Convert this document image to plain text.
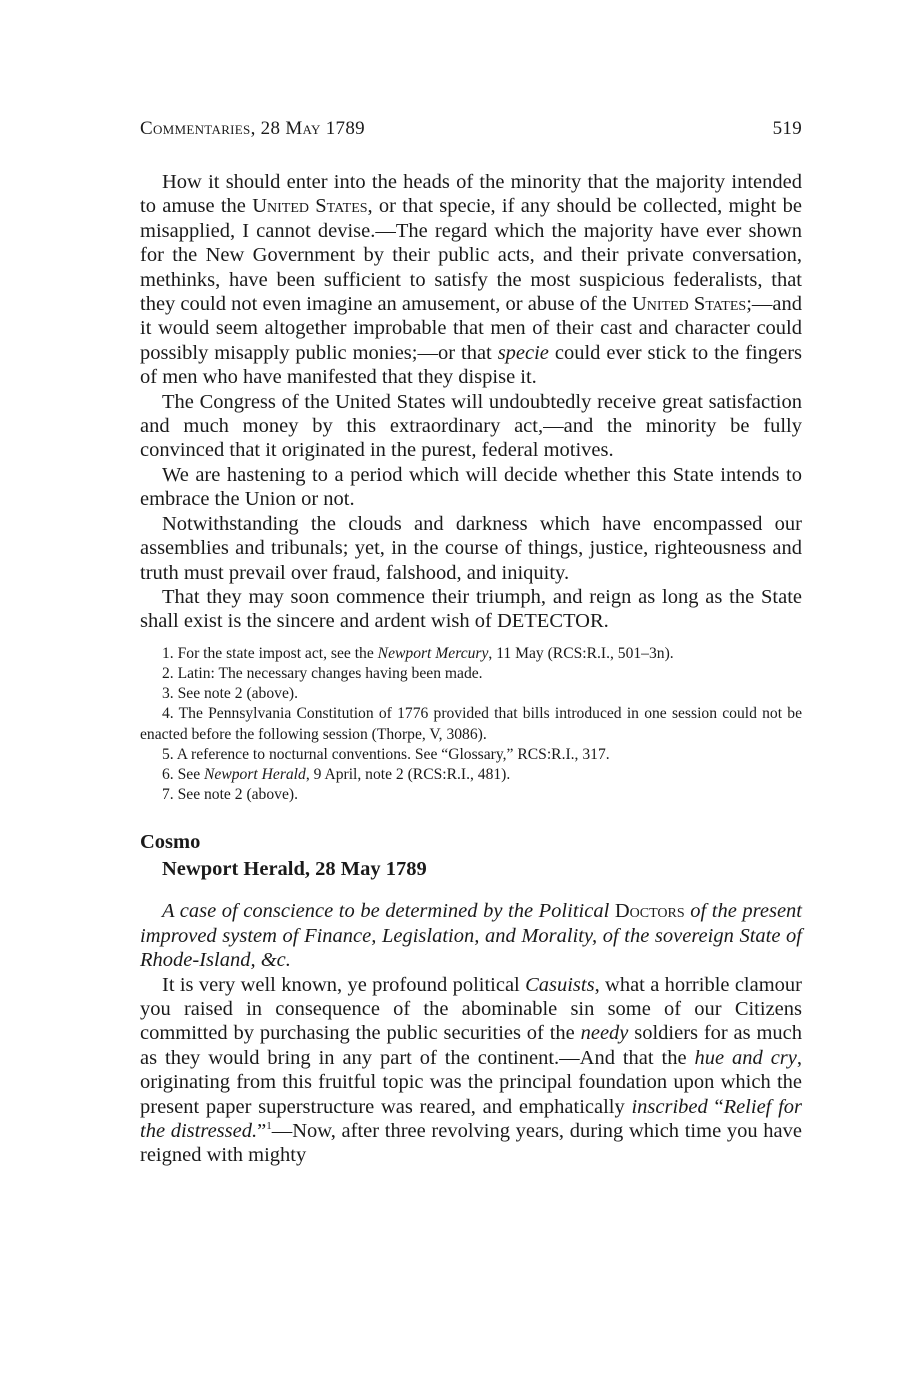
Commentaries, 28 May 1789	519

How it should enter into the heads of the minority that the majority intended to amuse the United States, or that specie, if any should be collected, might be misapplied, I cannot devise.—The regard which the majority have ever shown for the New Government by their public acts, and their private conversation, methinks, have been sufficient to satisfy the most suspicious federalists, that they could not even imagine an amusement, or abuse of the United States;—and it would seem altogether improbable that men of their cast and character could possibly misapply public monies;—or that specie could ever stick to the fingers of men who have manifested that they dispise it.

The Congress of the United States will undoubtedly receive great satisfaction and much money by this extraordinary act,—and the minority be fully convinced that it originated in the purest, federal motives.

We are hastening to a period which will decide whether this State intends to embrace the Union or not.

Notwithstanding the clouds and darkness which have encompassed our assemblies and tribunals; yet, in the course of things, justice, righteousness and truth must prevail over fraud, falshood, and iniquity.

That they may soon commence their triumph, and reign as long as the State shall exist is the sincere and ardent wish of DETECTOR.

1. For the state impost act, see the Newport Mercury, 11 May (RCS:R.I., 501–3n).

2. Latin: The necessary changes having been made.

3. See note 2 (above).

4. The Pennsylvania Constitution of 1776 provided that bills introduced in one session could not be enacted before the following session (Thorpe, V, 3086).

5. A reference to nocturnal conventions. See “Glossary,” RCS:R.I., 317.

6. See Newport Herald, 9 April, note 2 (RCS:R.I., 481).

7. See note 2 (above).

Cosmo
Newport Herald, 28 May 1789

A case of conscience to be determined by the Political Doctors of the present improved system of Finance, Legislation, and Morality, of the sovereign State of Rhode-Island, &c.

It is very well known, ye profound political Casuists, what a horrible clamour you raised in consequence of the abominable sin some of our Citizens committed by purchasing the public securities of the needy soldiers for as much as they would bring in any part of the continent.—And that the hue and cry, originating from this fruitful topic was the principal foundation upon which the present paper superstructure was reared, and emphatically inscribed “Relief for the distressed.”$^1$—Now, after three revolving years, during which time you have reigned with mighty
